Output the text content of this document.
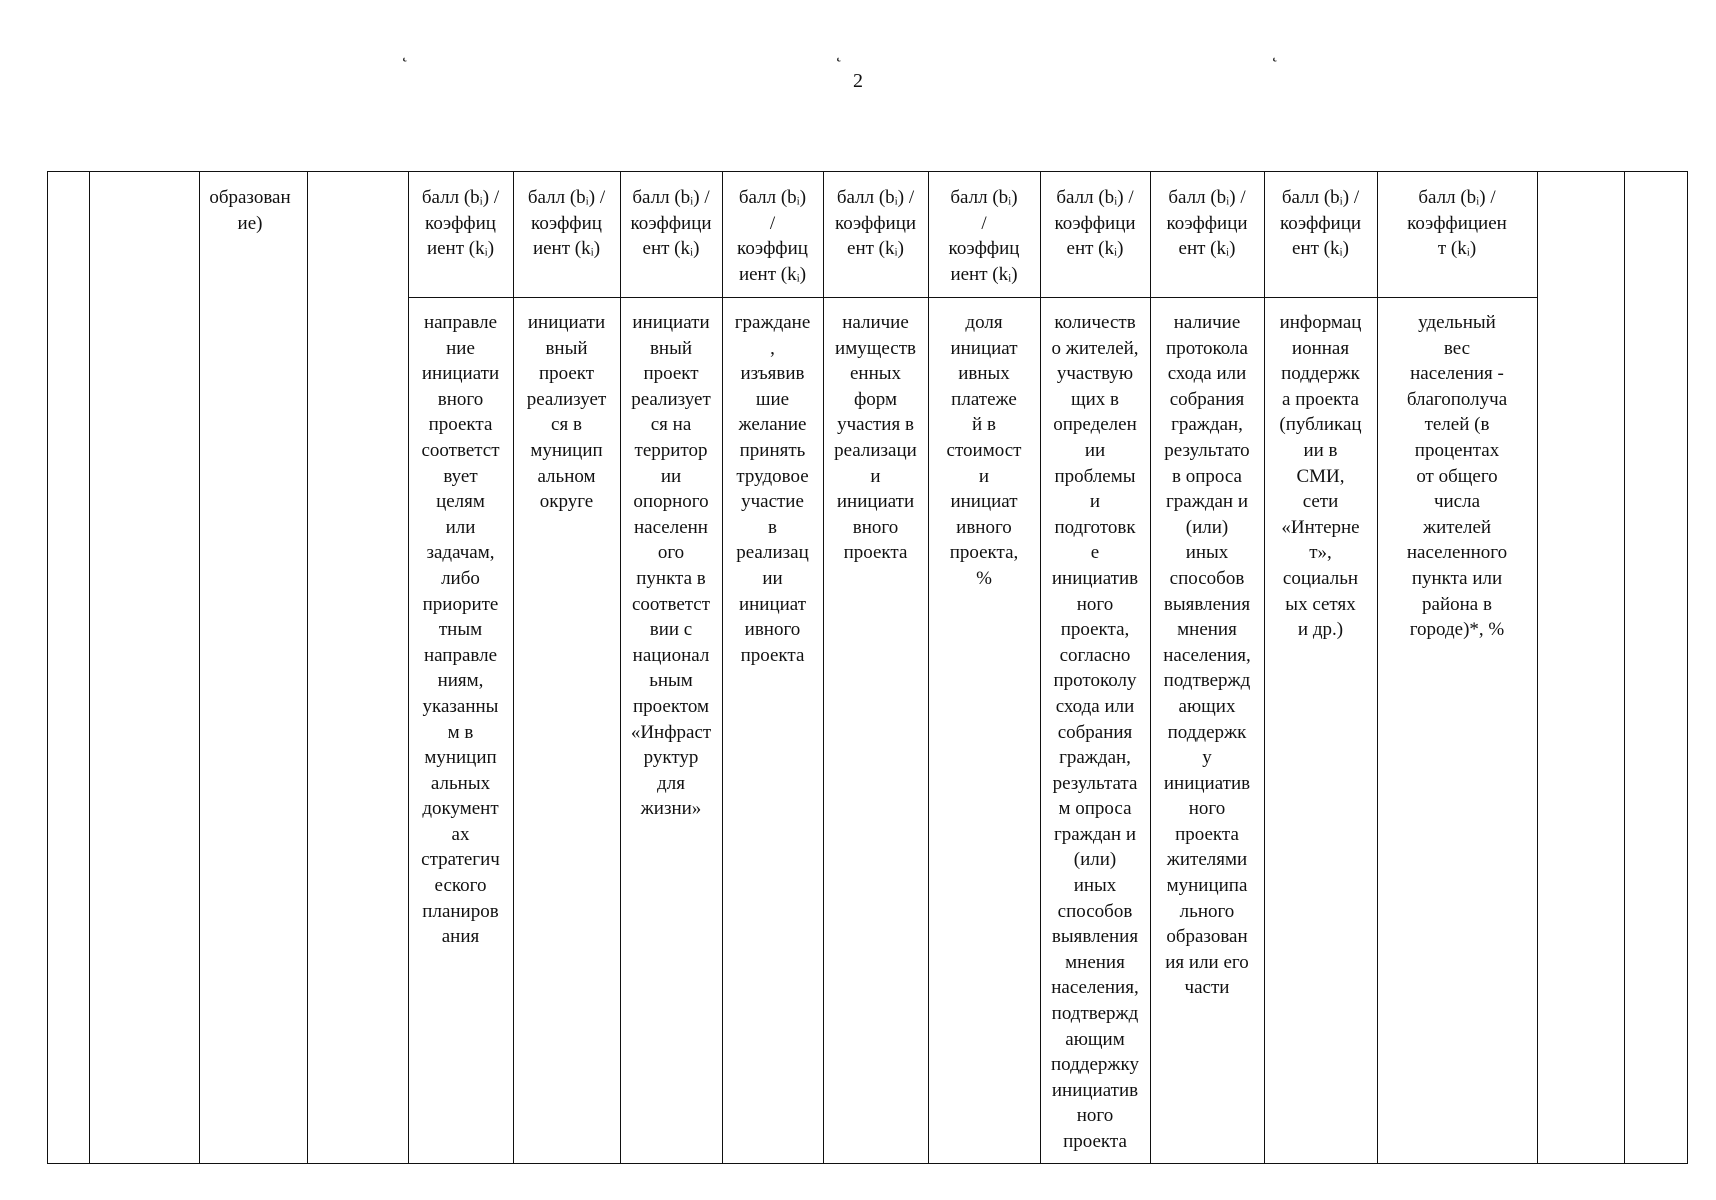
˛	˛	˛
2
образован
ие)
балл (bᵢ) /
коэффиц
иент (kᵢ)
направле
ние
инициати
вного
проекта
соответст
вует
целям
или
задачам,
либо
приорите
тным
направле
ниям,
указанны
м в
муницип
альных
документ
ах
стратегич
еского
планиров
ания
балл (bᵢ) /
коэффиц
иент (kᵢ)
инициати
вный
проект
реализует
ся в
муницип
альном
округе
балл (bᵢ) /
коэффици
ент (kᵢ)
инициати
вный
проект
реализует
ся на
территор
ии
опорного
населенн
ого
пункта в
соответст
вии с
национал
ьным
проектом
«Инфраст
руктур
для
жизни»
балл (bᵢ)
/
коэффиц
иент (kᵢ)
граждане
,
изъявив
шие
желание
принять
трудовое
участие
в
реализац
ии
инициат
ивного
проекта
балл (bᵢ) /
коэффици
ент (kᵢ)
наличие
имуществ
енных
форм
участия в
реализаци
и
инициати
вного
проекта
балл (bᵢ)
/
коэффиц
иент (kᵢ)
доля
инициат
ивных
платеже
й в
стоимост
и
инициат
ивного
проекта,
%
балл (bᵢ) /
коэффици
ент (kᵢ)
количеств
о жителей,
участвую
щих в
определен
ии
проблемы
и
подготовк
е
инициатив
ного
проекта,
согласно
протоколу
схода или
собрания
граждан,
результата
м опроса
граждан и
(или)
иных
способов
выявления
мнения
населения,
подтвержд
ающим
поддержку
инициатив
ного
проекта
балл (bᵢ) /
коэффици
ент (kᵢ)
наличие
протокола
схода или
собрания
граждан,
результато
в опроса
граждан и
(или)
иных
способов
выявления
мнения
населения,
подтвержд
ающих
поддержк
у
инициатив
ного
проекта
жителями
муниципа
льного
образован
ия или его
части
балл (bᵢ) /
коэффици
ент (kᵢ)
информац
ионная
поддержк
а проекта
(публикац
ии в
СМИ,
сети
«Интерне
т»,
социальн
ых сетях
и др.)
балл (bᵢ) /
коэффициен
т (kᵢ)
удельный
вес
населения -
благополуча
телей (в
процентах
от общего
числа
жителей
населенного
пункта или
района в
городе)*, %
